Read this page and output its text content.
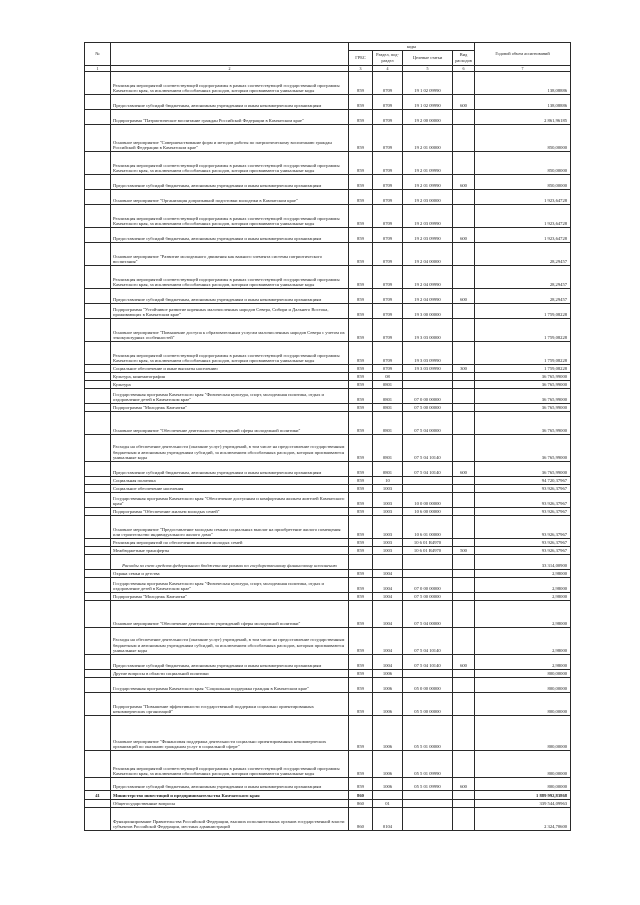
№		коды				Годовой объем ассигнований
		ГРБС	Раздел, под-раздел	Целевые статьи	Вид расходов	
1	2	3	4	5	6	7
	Реализация мероприятий соответствующей подпрограммы в рамках соответствующей государственной программы Камчатского края, за исключением обособленных расходов, которым присваиваются уникальные коды	859	0709	19 1 02 09990		138,08886
	Предоставление субсидий бюджетным, автономным учреждениям и иным некоммерческим организациям	859	0709	19 1 02 09990	600	138,08886
	Подпрограмма "Патриотическое воспитание граждан Российской Федерации в Камчатском крае"	859	0709	19 2 00 00000		2 861,96185
	Основное мероприятие "Совершенствование форм и методов работы по патриотическому воспитанию граждан Российской Федерации в Камчатском крае"	859	0709	19 2 01 00000		850,00000
	Реализация мероприятий соответствующей подпрограммы в рамках соответствующей государственной программы Камчатского края, за исключением обособленных расходов, которым присваиваются уникальные коды	859	0709	19 2 01 09990		850,00000
	Предоставление субсидий бюджетным, автономным учреждениям и иным некоммерческим организациям	859	0709	19 2 01 09990	600	850,00000
	Основное мероприятие "Организация допризывной подготовки молодежи в Камчатском крае"	859	0709	19 2 03 00000		1 923,64728
	Реализация мероприятий соответствующей подпрограммы в рамках соответствующей государственной программы Камчатского края, за исключением обособленных расходов, которым присваиваются уникальные коды	859	0709	19 2 03 09990		1 923,64728
	Предоставление субсидий бюджетным, автономным учреждениям и иным некоммерческим организациям	859	0709	19 2 03 09990	600	1 923,64728
	Основное мероприятие "Развитие молодежного движения как важного элемента системы патриотического воспитания"	859	0709	19 2 04 00000		28,29457
	Реализация мероприятий соответствующей подпрограммы в рамках соответствующей государственной программы Камчатского края, за исключением обособленных расходов, которым присваиваются уникальные коды	859	0709	19 2 04 09990		28,29457
	Предоставление субсидий бюджетным, автономным учреждениям и иным некоммерческим организациям	859	0709	19 2 04 09990	600	28,29457
	Подпрограмма "Устойчивое развитие коренных малочисленных народов Севера, Сибири и Дальнего Востока, проживающих в Камчатском крае"	859	0709	19 3 00 00000		1 759,08228
	Основное мероприятие "Повышение доступа к образовательным услугам малочисленных народов Севера с учетом их этнокультурных особенностей"	859	0709	19 3 03 00000		1 759,08228
	Реализация мероприятий соответствующей подпрограммы в рамках соответствующей государственной программы Камчатского края, за исключением обособленных расходов, которым присваиваются уникальные коды	859	0709	19 3 03 09990		1 759,08228
	Социальное обеспечение и иные выплаты населению	859	0709	19 3 03 09990	300	1 759,08228
	Культура, кинематография	859	08			36 765,99000
	Культура	859	0801			36 765,99000
	Государственная программа Камчатского края "Физическая культура, спорт, молодежная политика, отдых и оздоровление детей в Камчатском крае"	859	0801	07 0 00 00000		36 765,99000
	Подпрограмма "Молодежь Камчатки"	859	0801	07 5 00 00000		36 765,99000
	Основное мероприятие "Обеспечение деятельности учреждений сферы молодежной политики"	859	0801	07 5 04 00000		36 765,99000
	Расходы на обеспечение деятельности (оказание услуг) учреждений, в том числе на предоставление государственным бюджетным и автономным учреждениям субсидий, за исключением обособленных расходов, которым присваиваются уникальные коды	859	0801	07 5 04 10140		36 765,99000
	Предоставление субсидий бюджетным, автономным учреждениям и иным некоммерческим организациям	859	0801	07 5 04 10140	600	36 765,99000
	Социальная политика	859	10			94 720,37967
	Социальное обеспечение населения	859	1003			93 926,37967
	Государственная программа Камчатского края "Обеспечение доступным и комфортным жильем жителей Камчатского края"	859	1003	10 0 00 00000		93 926,37967
	Подпрограмма "Обеспечение жильем молодых семей"	859	1003	10 6 00 00000		93 926,37967
	Основное мероприятие "Предоставление молодым семьям социальных выплат на приобретение жилого помещения или строительство индивидуального жилого дома"	859	1003	10 6 01 00000		93 926,37967
	Реализация мероприятий по обеспечению жильем молодых семей	859	1003	10 6 01 R4970		93 926,37967
	Межбюджетные трансферты	859	1003	10 6 01 R4970	500	93 926,37967
	Расходы за счет средств федерального бюджета вне рамках по государственному финансовому исполнению					33 314,00900
	Охрана семьи и детства	859	1004			2,98000
	Государственная программа Камчатского края "Физическая культура, спорт, молодежная политика, отдых и оздоровление детей в Камчатском крае"	859	1004	07 0 00 00000		2,98000
	Подпрограмма "Молодежь Камчатки"	859	1004	07 5 00 00000		2,98000
	Основное мероприятие "Обеспечение деятельности учреждений сферы молодежной политики"	859	1004	07 5 04 00000		2,98000
	Расходы на обеспечение деятельности (оказание услуг) учреждений, в том числе на предоставление государственным бюджетным и автономным учреждениям субсидий, за исключением обособленных расходов, которым присваиваются уникальные коды	859	1004	07 5 04 10140		2,98000
	Предоставление субсидий бюджетным, автономным учреждениям и иным некоммерческим организациям	859	1004	07 5 04 10140	600	2,98000
	Другие вопросы в области социальной политики	859	1006			800,00000
	Государственная программа Камчатского края "Социальная поддержка граждан в Камчатском крае"	859	1006	05 0 00 00000		800,00000
	Подпрограмма "Повышение эффективности государственной поддержки социально ориентированных некоммерческих организаций"	859	1006	05 5 00 00000		800,00000
	Основное мероприятие "Финансовая поддержка деятельности социально ориентированных некоммерческих организаций по оказанию гражданам услуг в социальной сфере"	859	1006	05 5 01 00000		800,00000
	Реализация мероприятий соответствующей подпрограммы в рамках соответствующей государственной программы Камчатского края, за исключением обособленных расходов, которым присваиваются уникальные коды	859	1006	05 5 01 09990		800,00000
	Предоставление субсидий бюджетным, автономным учреждениям и иным некоммерческим организациям	859	1006	05 5 01 09990	600	800,00000
41	Министерство инвестиций и предпринимательства Камчатского края	860				1 889 992,83868
	Общегосударственные вопросы	860	01			339 544,09963
	Функционирование Правительства Российской Федерации, высших исполнительных органов государственной власти субъектов Российской Федерации, местных администраций	860	0104			2 324,70600
